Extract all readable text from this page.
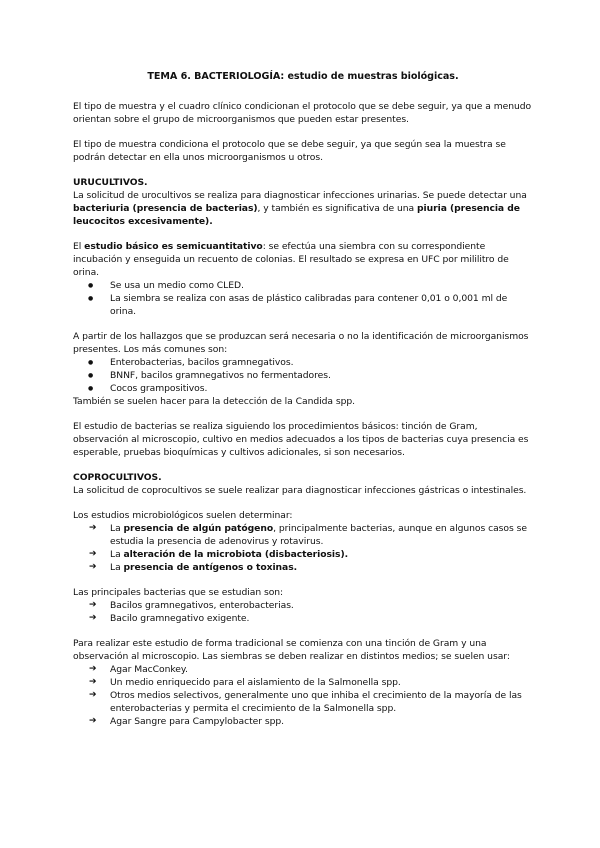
TEMA 6. BACTERIOLOGÍA: estudio de muestras biológicas.

El tipo de muestra y el cuadro clínico condicionan el protocolo que se debe seguir, ya que a menudo orientan sobre el grupo de microorganismos que pueden estar presentes.

El tipo de muestra condiciona el protocolo que se debe seguir, ya que según sea la muestra se podrán detectar en ella unos microorganismos u otros.

URUCULTIVOS.

La solicitud de urocultivos se realiza para diagnosticar infecciones urinarias. Se puede detectar una bacteriuria (presencia de bacterias), y también es significativa de una piuria (presencia de leucocitos excesivamente).

El estudio básico es semicuantitativo: se efectúa una siembra con su correspondiente incubación y enseguida un recuento de colonias. El resultado se expresa en UFC por mililitro de orina.

● Se usa un medio como CLED.
● La siembra se realiza con asas de plástico calibradas para contener 0,01 o 0,001 ml de orina.

A partir de los hallazgos que se produzcan será necesaria o no la identificación de microorganismos presentes. Los más comunes son:

● Enterobacterias, bacilos gramnegativos.
● BNNF, bacilos gramnegativos no fermentadores.
● Cocos grampositivos.

También se suelen hacer para la detección de la Candida spp.

El estudio de bacterias se realiza siguiendo los procedimientos básicos: tinción de Gram, observación al microscopio, cultivo en medios adecuados a los tipos de bacterias cuya presencia es esperable, pruebas bioquímicas y cultivos adicionales, si son necesarios.

COPROCULTIVOS.

La solicitud de coprocultivos se suele realizar para diagnosticar infecciones gástricas o intestinales.

Los estudios microbiológicos suelen determinar:

➔ La presencia de algún patógeno, principalmente bacterias, aunque en algunos casos se estudia la presencia de adenovirus y rotavirus.
➔ La alteración de la microbiota (disbacteriosis).
➔ La presencia de antígenos o toxinas.

Las principales bacterias que se estudian son:

➔ Bacilos gramnegativos, enterobacterias.
➔ Bacilo gramnegativo exigente.

Para realizar este estudio de forma tradicional se comienza con una tinción de Gram y una observación al microscopio. Las siembras se deben realizar en distintos medios; se suelen usar:

➔ Agar MacConkey.
➔ Un medio enriquecido para el aislamiento de la Salmonella spp.
➔ Otros medios selectivos, generalmente uno que inhiba el crecimiento de la mayoría de las enterobacterias y permita el crecimiento de la Salmonella spp.
➔ Agar Sangre para Campylobacter spp.
